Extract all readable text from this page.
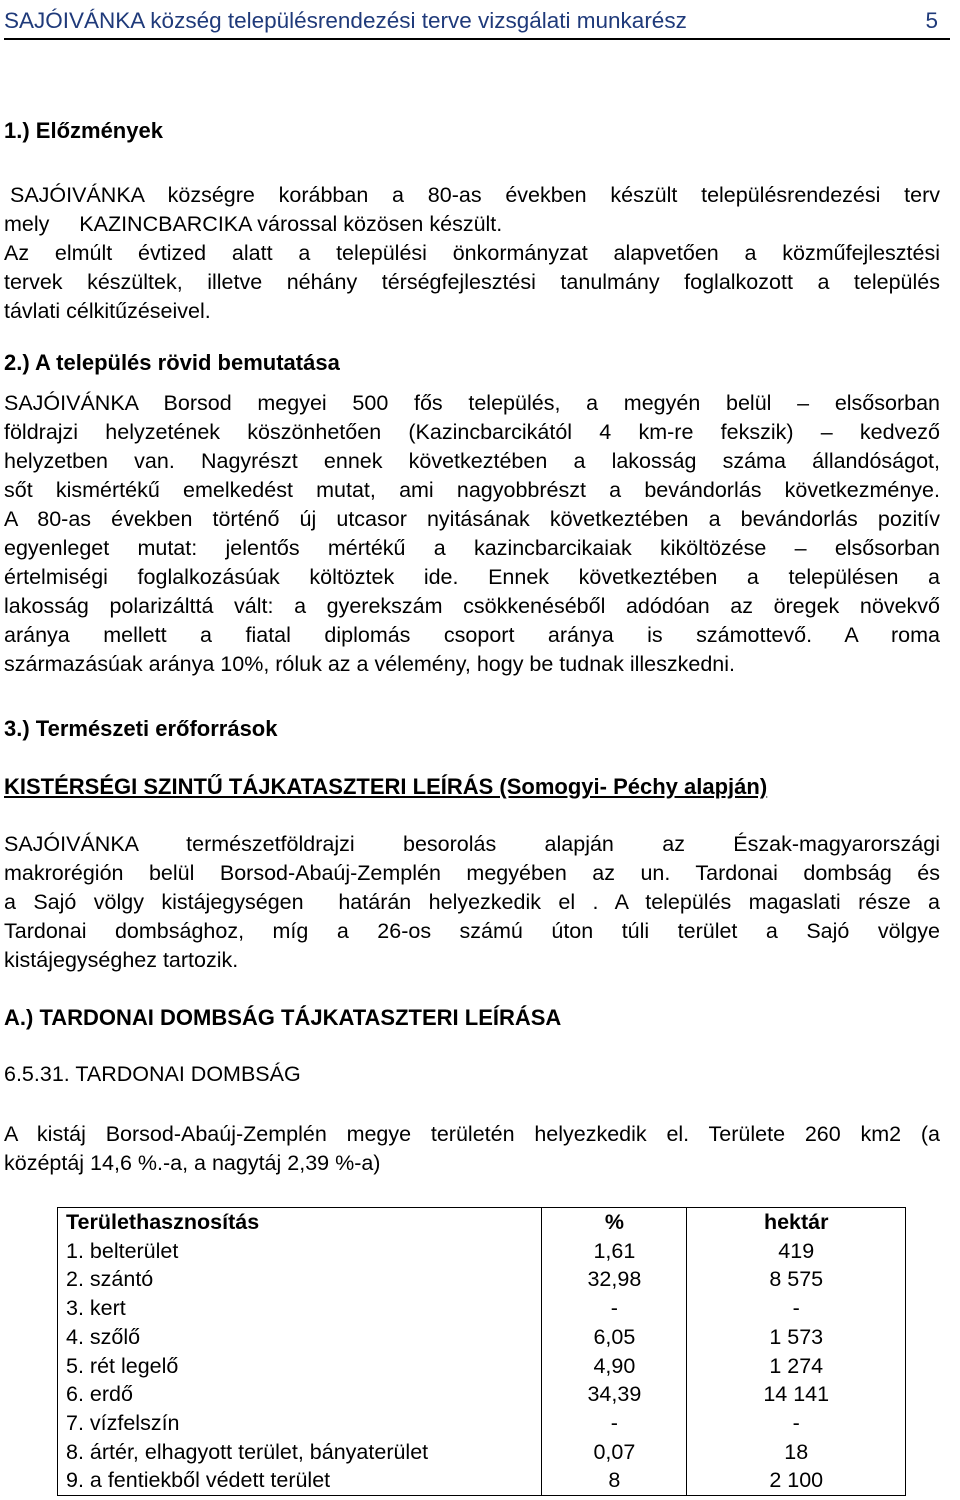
SAJÓIVÁNKA község településrendezési terve vizsgálati munkarész	5
1.) Előzmények
SAJÓIVÁNKA községre korábban a 80-as években készült településrendezési terv
mely     KAZINCBARCIKA várossal közösen készült.
Az elmúlt évtized alatt a települési önkormányzat alapvetően a közműfejlesztési
tervek készültek, illetve néhány térségfejlesztési tanulmány foglalkozott a település
távlati célkitűzéseivel.
2.) A település rövid bemutatása
SAJÓIVÁNKA Borsod megyei 500 fős település, a megyén belül – elsősorban
földrajzi helyzetének köszönhetően (Kazincbarcikától 4 km-re fekszik) – kedvező
helyzetben van. Nagyrészt ennek következtében a lakosság száma állandóságot,
sőt kismértékű emelkedést mutat, ami nagyobbrészt a bevándorlás következménye.
A 80-as években történő új utcasor nyitásának következtében a bevándorlás pozitív
egyenleget mutat: jelentős mértékű a kazincbarcikaiak kiköltözése – elsősorban
értelmiségi foglalkozásúak költöztek ide. Ennek következtében a településen a
lakosság polarizálttá vált: a gyerekszám csökkenéséből adódóan az öregek növekvő
aránya mellett a fiatal diplomás csoport aránya is számottevő. A roma
származásúak aránya 10%, róluk az a vélemény, hogy be tudnak illeszkedni.
3.) Természeti erőforrások
KISTÉRSÉGI SZINTŰ TÁJKATASZTERI LEÍRÁS (Somogyi- Péchy alapján)
SAJÓIVÁNKA természetföldrajzi besorolás alapján az Észak-magyarországi
makrorégión belül Borsod-Abaúj-Zemplén megyében az un. Tardonai dombság és
a Sajó völgy kistájegységen  határán helyezkedik el . A település magaslati része a
Tardonai dombsághoz, míg a 26-os számú úton túli terület a Sajó völgye
kistájegységhez tartozik.
A.) TARDONAI DOMBSÁG TÁJKATASZTERI LEÍRÁSA
6.5.31. TARDONAI DOMBSÁG
A kistáj Borsod-Abaúj-Zemplén megye területén helyezkedik el. Területe 260 km2 (a
középtáj 14,6 %.-a, a nagytáj 2,39 %-a)
Területhasznosítás	%	hektár
1. belterület	1,61	419
2. szántó	32,98	8 575
3. kert	-	-
4. szőlő	6,05	1 573
5. rét legelő	4,90	1 274
6. erdő	34,39	14 141
7. vízfelszín	-	-
8. ártér, elhagyott terület, bányaterület	0,07	18
9. a fentiekből védett terület	8	2 100
